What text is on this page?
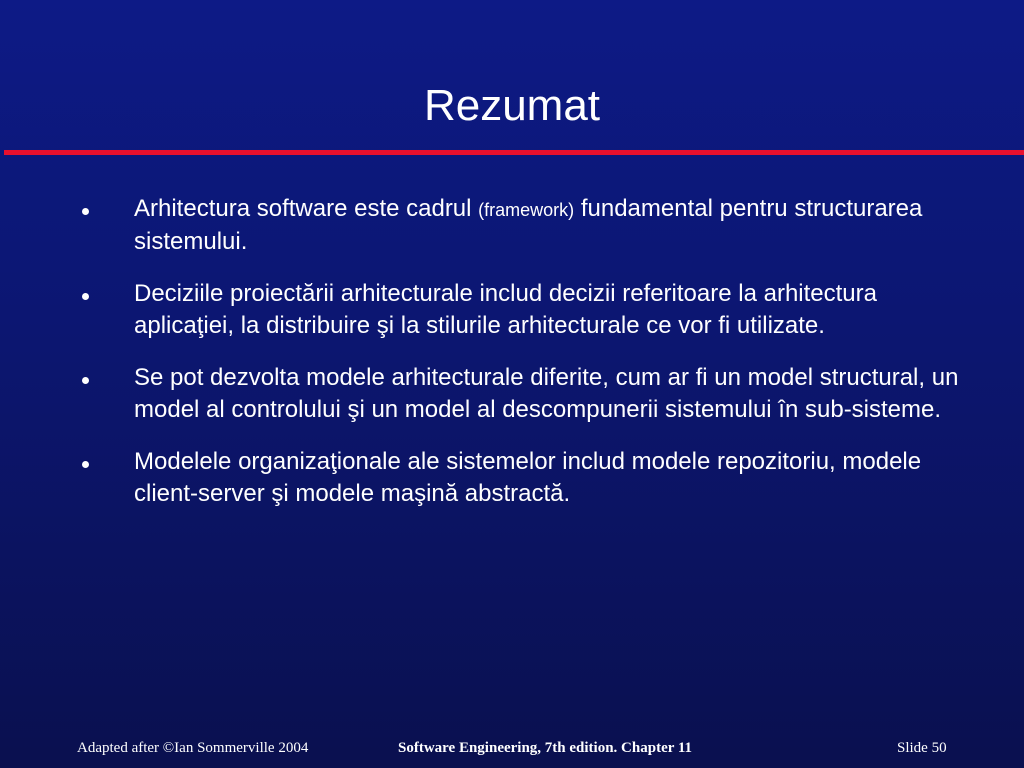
Rezumat
Arhitectura software este cadrul (framework) fundamental pentru structurarea sistemului.
Deciziile proiectării arhitecturale includ decizii referitoare la arhitectura aplicaţiei, la distribuire şi la stilurile arhitecturale ce vor fi utilizate.
Se pot dezvolta modele arhitecturale diferite, cum ar fi un model structural, un model al controlului şi un model al descompunerii sistemului în sub-sisteme.
Modelele organizaţionale ale sistemelor includ modele repozitoriu, modele client-server şi modele maşină abstractă.
Adapted after ©Ian Sommerville 2004	Software Engineering, 7th edition. Chapter 11	Slide 50
